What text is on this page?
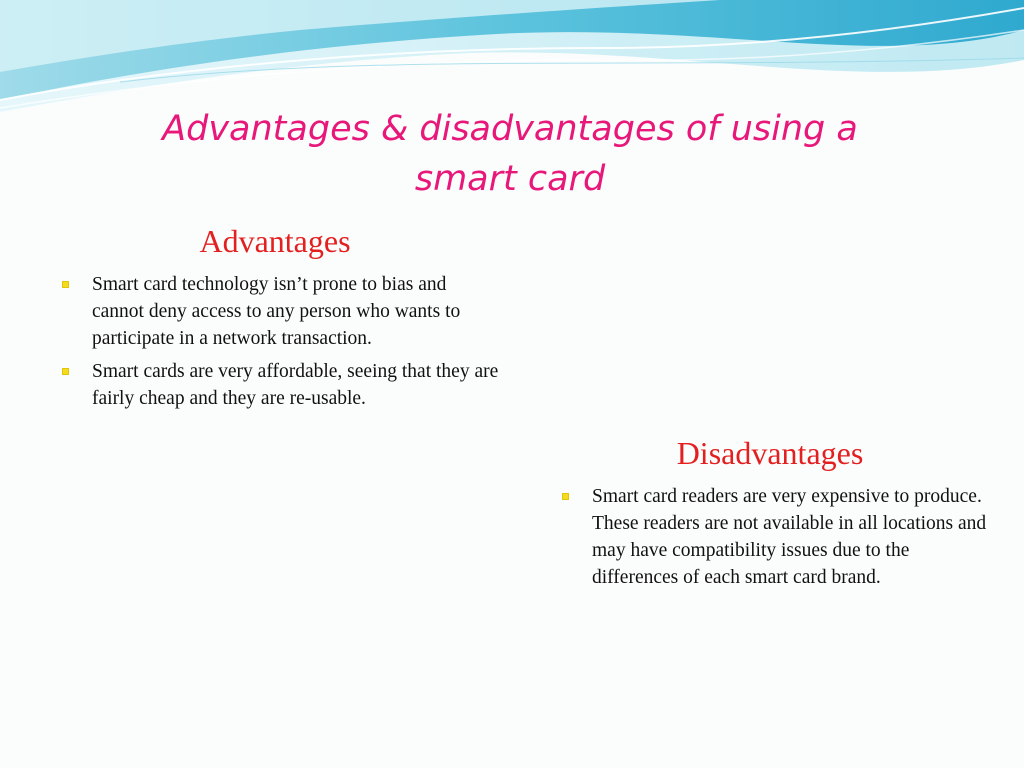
Advantages & disadvantages of using a
smart card
Advantages
Smart card technology isn’t prone to bias and cannot deny access to any person who wants to participate in a network transaction.
Smart cards are very affordable, seeing that they are fairly cheap and they are re-usable.
Disadvantages
Smart card readers are very expensive to produce. These readers are not available in all locations and may have compatibility issues due to the differences of each smart card brand.
